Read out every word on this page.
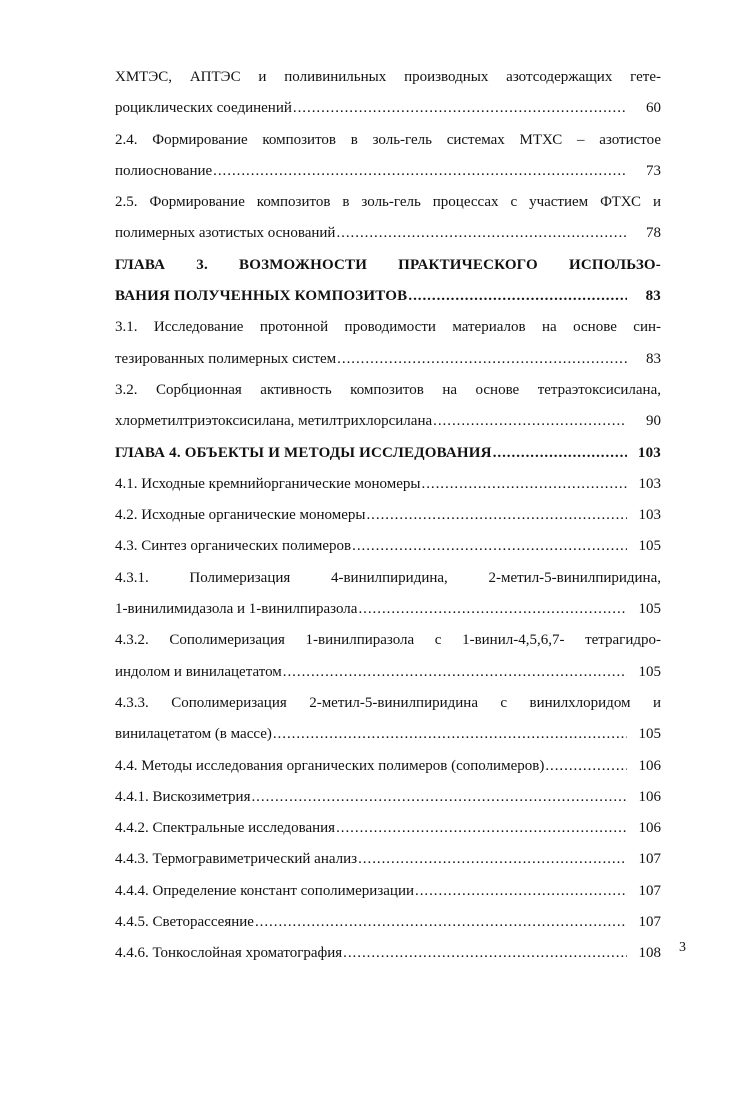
ХМТЭС, АПТЭС и поливинильных производных азотсодержащих гете-
роциклических соединений . . .	60
2.4. Формирование композитов в золь-гель системах МТХС – азотистое
полиоснование . . .	73
2.5. Формирование композитов в золь-гель процессах с участием ФТХС и
полимерных азотистых оснований . . .	78
ГЛАВА 3. ВОЗМОЖНОСТИ ПРАКТИЧЕСКОГО ИСПОЛЬЗО-
ВАНИЯ ПОЛУЧЕННЫХ КОМПОЗИТОВ . . .	83
3.1. Исследование протонной проводимости материалов на основе син-
тезированных полимерных систем . . .	83
3.2. Сорбционная активность композитов на основе тетраэтоксисилана,
хлорметилтриэтоксисилана, метилтрихлорсилана . . .	90
ГЛАВА 4. ОБЪЕКТЫ И МЕТОДЫ ИССЛЕДОВАНИЯ . . .	103
4.1. Исходные кремнийорганические мономеры . . .	103
4.2. Исходные органические мономеры . . .	103
4.3. Синтез органических полимеров . . .	105
4.3.1. Полимеризация 4-винилпиридина, 2-метил-5-винилпиридина,
1-винилимидазола и 1-винилпиразола . . .	105
4.3.2. Сополимеризация 1-винилпиразола с 1-винил-4,5,6,7- тетрагидро-
индолом и винилацетатом . . .	105
4.3.3. Сополимеризация 2-метил-5-винилпиридина с винилхлоридом и
винилацетатом (в массе) . . .	105
4.4. Методы исследования органических полимеров (сополимеров) . . .	106
4.4.1. Вискозиметрия . . .	106
4.4.2. Спектральные исследования . . .	106
4.4.3. Термогравиметрический анализ . . .	107
4.4.4. Определение констант сополимеризации . . .	107
4.4.5. Светорассеяние . . .	107
4.4.6. Тонкослойная хроматография . . .	108 3
